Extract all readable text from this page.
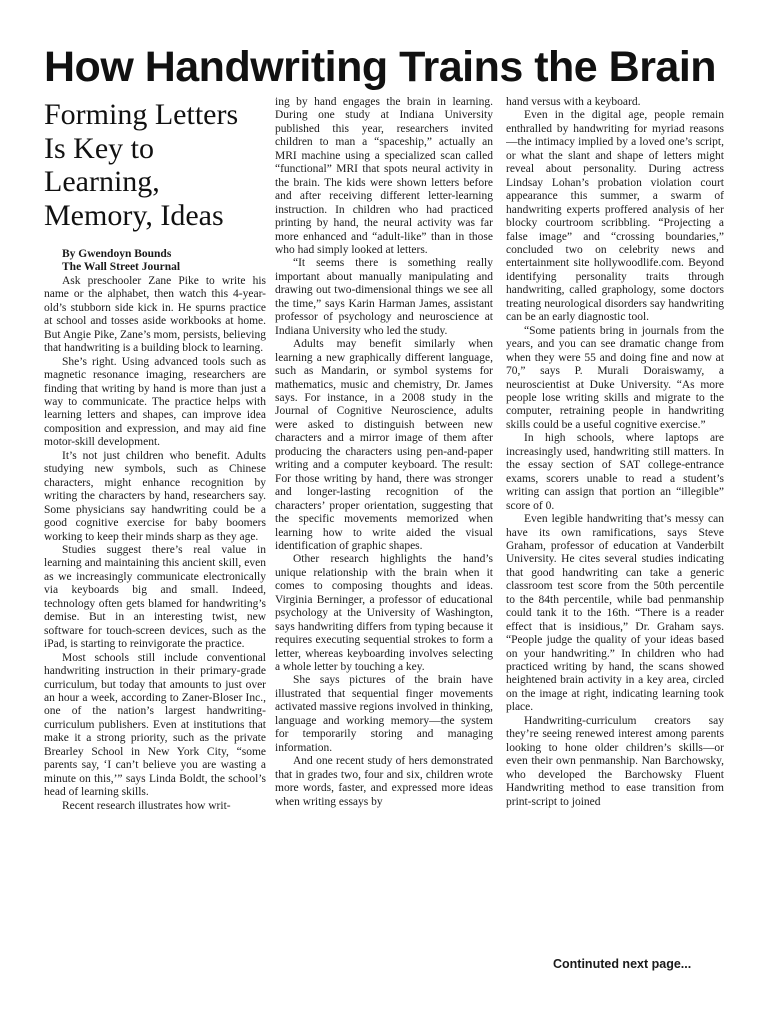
How Handwriting Trains the Brain
Forming Letters Is Key to Learning, Memory, Ideas

By Gwendoyn Bounds

The Wall Street Journal

Ask preschooler Zane Pike to write his name or the alphabet, then watch this 4-year-old’s stubborn side kick in. He spurns practice at school and tosses aside workbooks at home. But Angie Pike, Zane’s mom, persists, believing that handwriting is a building block to learning.

She’s right. Using advanced tools such as magnetic resonance imaging, researchers are finding that writing by hand is more than just a way to communicate. The practice helps with learning letters and shapes, can improve idea composition and expression, and may aid fine motor-skill development.

It’s not just children who benefit. Adults studying new symbols, such as Chinese characters, might enhance recognition by writing the characters by hand, researchers say. Some physicians say handwriting could be a good cognitive exercise for baby boomers working to keep their minds sharp as they age.

Studies suggest there’s real value in learning and maintaining this ancient skill, even as we increasingly communicate electronically via keyboards big and small. Indeed, technology often gets blamed for handwriting’s demise. But in an interesting twist, new software for touch-screen devices, such as the iPad, is starting to reinvigorate the practice.

Most schools still include conventional handwriting instruction in their primary-grade curriculum, but today that amounts to just over an hour a week, according to Zaner-Bloser Inc., one of the nation’s largest handwriting-curriculum publishers. Even at institutions that make it a strong priority, such as the private Brearley School in New York City, “some parents say, ‘I can’t believe you are wasting a minute on this,’” says Linda Boldt, the school’s head of learning skills.

Recent research illustrates how writ-

ing by hand engages the brain in learning. During one study at Indiana University published this year, researchers invited children to man a “spaceship,” actually an MRI machine using a specialized scan called “functional” MRI that spots neural activity in the brain. The kids were shown letters before and after receiving different letter-learning instruction. In children who had practiced printing by hand, the neural activity was far more enhanced and “adult-like” than in those who had simply looked at letters.

“It seems there is something really important about manually manipulating and drawing out two-dimensional things we see all the time,” says Karin Harman James, assistant professor of psychology and neuroscience at Indiana University who led the study.

Adults may benefit similarly when learning a new graphically different language, such as Mandarin, or symbol systems for mathematics, music and chemistry, Dr. James says. For instance, in a 2008 study in the Journal of Cognitive Neuroscience, adults were asked to distinguish between new characters and a mirror image of them after producing the characters using pen-and-paper writing and a computer keyboard. The result: For those writing by hand, there was stronger and longer-lasting recognition of the characters’ proper orientation, suggesting that the specific movements memorized when learning how to write aided the visual identification of graphic shapes.

Other research highlights the hand’s unique relationship with the brain when it comes to composing thoughts and ideas. Virginia Berninger, a professor of educational psychology at the University of Washington, says handwriting differs from typing because it requires executing sequential strokes to form a letter, whereas keyboarding involves selecting a whole letter by touching a key.

She says pictures of the brain have illustrated that sequential finger movements activated massive regions involved in thinking, language and working memory—the system for temporarily storing and managing information.

And one recent study of hers demonstrated that in grades two, four and six, children wrote more words, faster, and expressed more ideas when writing essays by

hand versus with a keyboard.

Even in the digital age, people remain enthralled by handwriting for myriad reasons—the intimacy implied by a loved one’s script, or what the slant and shape of letters might reveal about personality. During actress Lindsay Lohan’s probation violation court appearance this summer, a swarm of handwriting experts proffered analysis of her blocky courtroom scribbling. “Projecting a false image” and “crossing boundaries,” concluded two on celebrity news and entertainment site hollywoodlife.com. Beyond identifying personality traits through handwriting, called graphology, some doctors treating neurological disorders say handwriting can be an early diagnostic tool.

“Some patients bring in journals from the years, and you can see dramatic change from when they were 55 and doing fine and now at 70,” says P. Murali Doraiswamy, a neuroscientist at Duke University. “As more people lose writing skills and migrate to the computer, retraining people in handwriting skills could be a useful cognitive exercise.”

In high schools, where laptops are increasingly used, handwriting still matters. In the essay section of SAT college-entrance exams, scorers unable to read a student’s writing can assign that portion an “illegible” score of 0.

Even legible handwriting that’s messy can have its own ramifications, says Steve Graham, professor of education at Vanderbilt University. He cites several studies indicating that good handwriting can take a generic classroom test score from the 50th percentile to the 84th percentile, while bad penmanship could tank it to the 16th. “There is a reader effect that is insidious,” Dr. Graham says. “People judge the quality of your ideas based on your handwriting.” In children who had practiced writing by hand, the scans showed heightened brain activity in a key area, circled on the image at right, indicating learning took place.

Handwriting-curriculum creators say they’re seeing renewed interest among parents looking to hone older children’s skills—or even their own penmanship. Nan Barchowsky, who developed the Barchowsky Fluent Handwriting method to ease transition from print-script to joined

Continuted next page...
